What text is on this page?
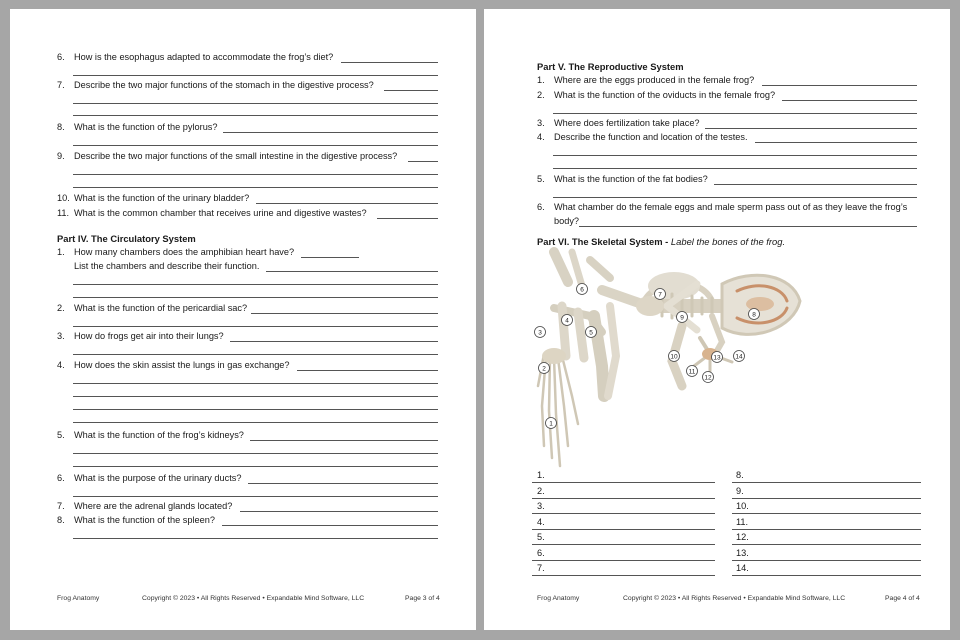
6. How is the esophagus adapted to accommodate the frog’s diet?
7. Describe the two major functions of the stomach in the digestive process?
8. What is the function of the pylorus?
9. Describe the two major functions of the small intestine in the digestive process?
10. What is the function of the urinary bladder?
11. What is the common chamber that receives urine and digestive wastes?
Part IV. The Circulatory System
1. How many chambers does the amphibian heart have?
List the chambers and describe their function.
2. What is the function of the pericardial sac?
3. How do frogs get air into their lungs?
4. How does the skin assist the lungs in gas exchange?
5. What is the function of the frog’s kidneys?
6. What is the purpose of the urinary ducts?
7. Where are the adrenal glands located?
8. What is the function of the spleen?
Frog Anatomy	Copyright © 2023 • All Rights Reserved • Expandable Mind Software, LLC	Page 3 of 4
Part V. The Reproductive System
1. Where are the eggs produced in the female frog?
2. What is the function of the oviducts in the female frog?
3. Where does fertilization take place?
4. Describe the function and location of the testes.
5. What is the function of the fat bodies?
6. What chamber do the female eggs and male sperm pass out of as they leave the frog’s
body?
Part VI. The Skeletal System - Label the bones of the frog.
1
2
3
4
5
6
7
8
9
10
11
12
13 14
1.
2.
3.
4.
5.
6.
7.
8.
9.
10.
11.
12.
13.
14.
Frog Anatomy	Copyright © 2023 • All Rights Reserved • Expandable Mind Software, LLC	Page 4 of 4
